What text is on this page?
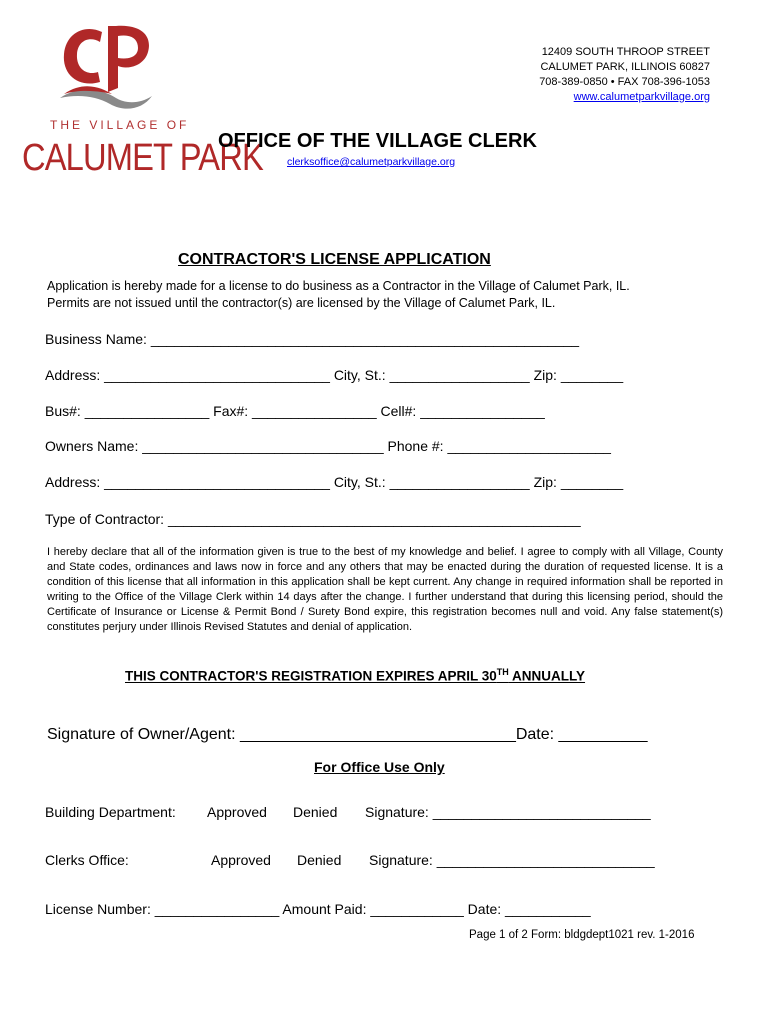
THE VILLAGE OF
CALUMET PARK
12409 SOUTH THROOP STREET
CALUMET PARK, ILLINOIS 60827
708-389-0850 • FAX 708-396-1053
www.calumetparkvillage.org
OFFICE OF THE VILLAGE CLERK
clerksoffice@calumetparkvillage.org
CONTRACTOR'S LICENSE APPLICATION
Application is hereby made for a license to do business as a Contractor in the Village of Calumet Park, IL.
Permits are not issued until the contractor(s) are licensed by the Village of Calumet Park, IL.
Business Name: _______________________________________________________
Address: _____________________________ City, St.: __________________ Zip: ________
Bus#: ________________ Fax#: ________________ Cell#: ________________
Owners Name: _______________________________ Phone #: _____________________
Address: _____________________________ City, St.: __________________ Zip: ________
Type of Contractor: _____________________________________________________
I hereby declare that all of the information given is true to the best of my knowledge and belief. I agree to comply with all Village, County and State codes, ordinances and laws now in force and any others that may be enacted during the duration of requested license. It is a condition of this license that all information in this application shall be kept current. Any change in required information shall be reported in writing to the Office of the Village Clerk within 14 days after the change. I further understand that during this licensing period, should the Certificate of Insurance or License & Permit Bond / Surety Bond expire, this registration becomes null and void. Any false statement(s) constitutes perjury under Illinois Revised Statutes and denial of application.
THIS CONTRACTOR'S REGISTRATION EXPIRES APRIL 30TH ANNUALLY
Signature of Owner/Agent: _______________________________Date: __________
For Office Use Only
Building Department: Approved Denied Signature: ____________________________
Clerks Office:	Approved Denied Signature: ____________________________
License Number: ________________ Amount Paid: ____________ Date: ___________
Page 1 of 2 Form: bldgdept1021 rev. 1-2016
